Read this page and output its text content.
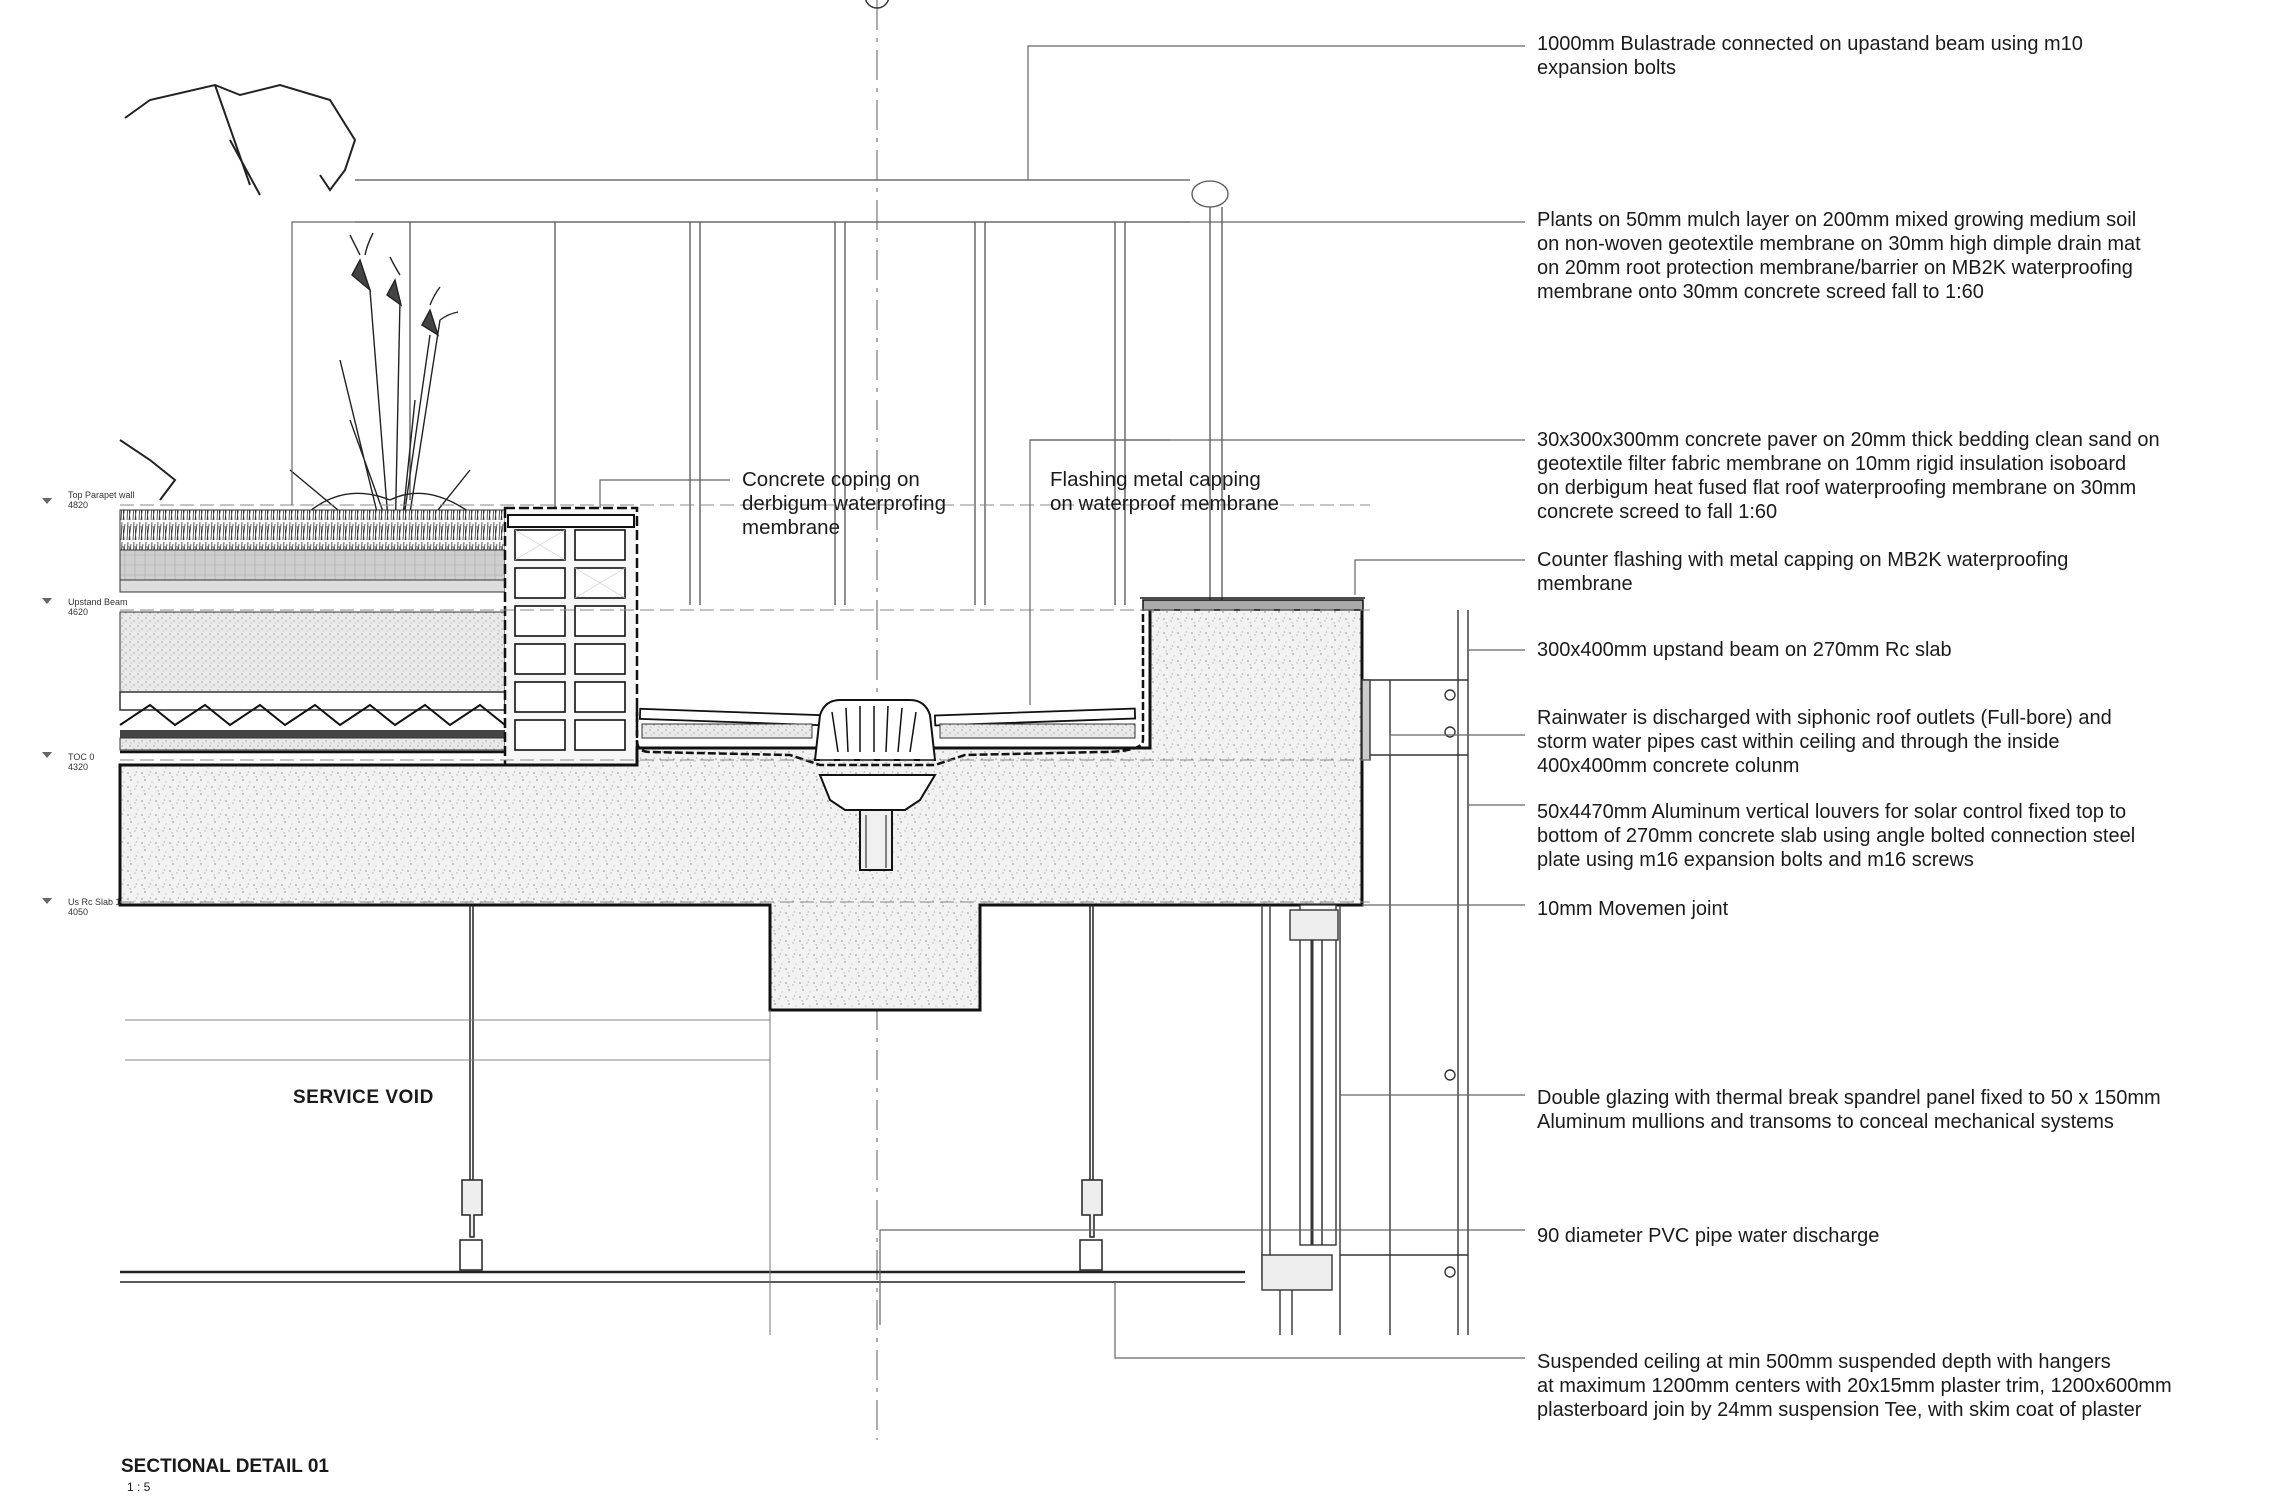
Top Parapet wall
4820
Upstand Beam
4620
TOC 0
4320
Us Rc Slab 1
4050
Concrete coping on
derbigum waterprofing
membrane
Flashing metal capping
on waterproof membrane
1000mm Bulastrade connected on upastand beam using m10
expansion bolts
Plants on 50mm mulch layer on 200mm mixed growing medium soil
on non-woven geotextile membrane on 30mm high dimple drain mat
on 20mm root protection membrane/barrier on MB2K waterproofing
membrane onto 30mm concrete screed fall to 1:60
30x300x300mm concrete paver on 20mm thick bedding clean sand on
geotextile filter fabric membrane on 10mm rigid insulation isoboard
on derbigum heat fused flat roof waterproofing membrane on 30mm
concrete screed to fall 1:60
Counter flashing with metal capping on MB2K waterproofing
membrane
300x400mm upstand beam on 270mm Rc slab
Rainwater is discharged with siphonic roof outlets (Full-bore) and
storm water pipes cast within ceiling and through the inside
400x400mm concrete colunm
50x4470mm Aluminum vertical louvers for solar control fixed top to
bottom of 270mm concrete slab using angle bolted connection steel
plate using m16 expansion bolts and m16 screws
10mm Movemen joint
Double glazing with thermal break spandrel panel fixed to 50 x 150mm
Aluminum mullions and transoms to conceal mechanical systems
90 diameter PVC pipe water discharge
Suspended ceiling at min 500mm suspended depth with hangers
at maximum 1200mm centers with 20x15mm plaster trim, 1200x600mm
plasterboard join by 24mm suspension Tee, with skim coat of plaster
SERVICE VOID
SECTIONAL DETAIL 01
1 : 5
